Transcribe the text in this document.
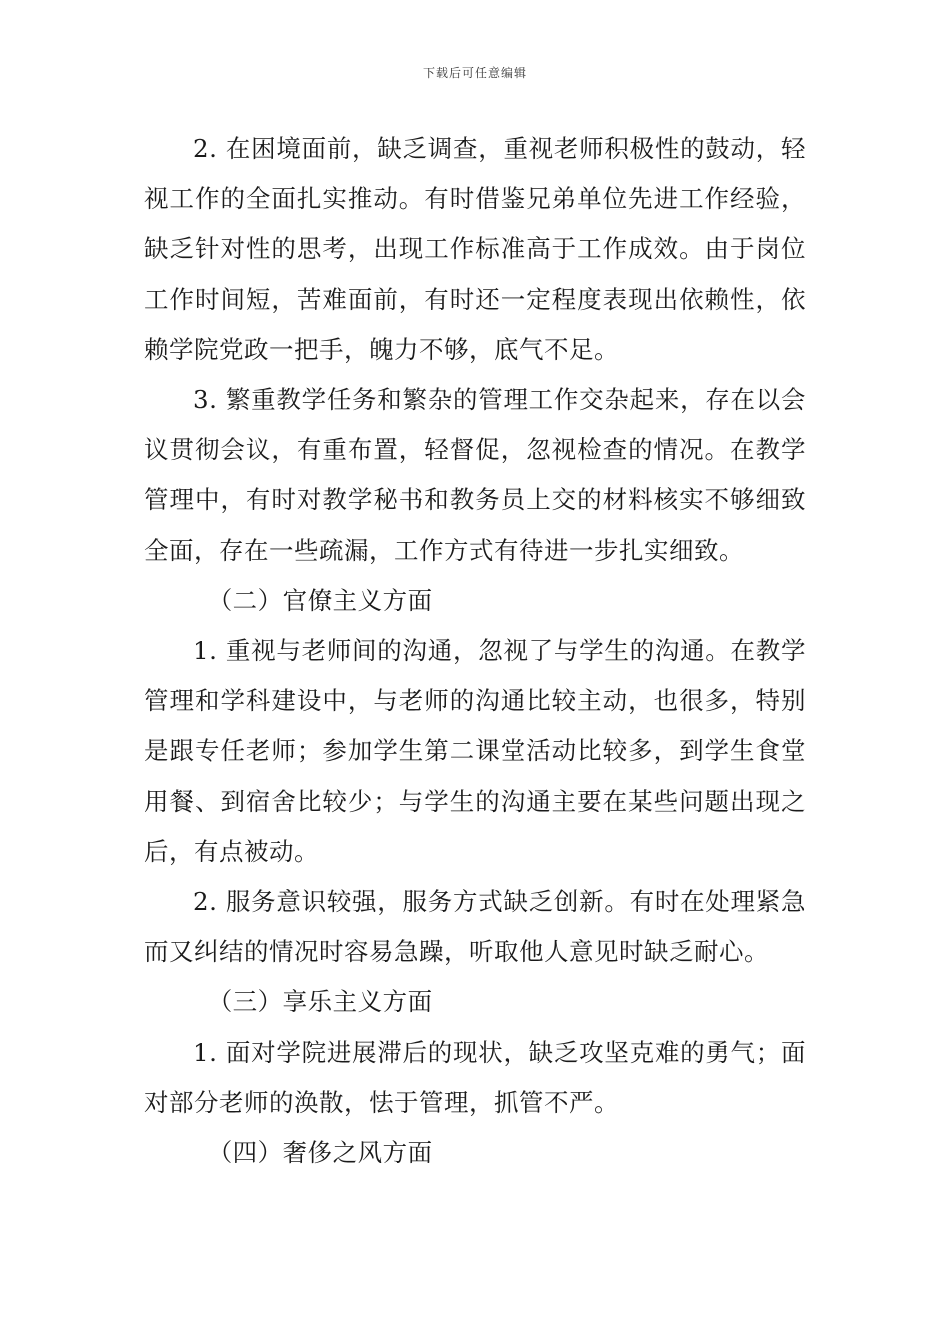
下载后可任意编辑

2. 在困境面前，缺乏调查，重视老师积极性的鼓动，轻视工作的全面扎实推动。有时借鉴兄弟单位先进工作经验，缺乏针对性的思考，出现工作标准高于工作成效。由于岗位工作时间短，苦难面前，有时还一定程度表现出依赖性，依赖学院党政一把手，魄力不够，底气不足。

3. 繁重教学任务和繁杂的管理工作交杂起来，存在以会议贯彻会议，有重布置，轻督促，忽视检查的情况。在教学管理中，有时对教学秘书和教务员上交的材料核实不够细致全面，存在一些疏漏，工作方式有待进一步扎实细致。

（二）官僚主义方面

1. 重视与老师间的沟通，忽视了与学生的沟通。在教学管理和学科建设中，与老师的沟通比较主动，也很多，特别是跟专任老师；参加学生第二课堂活动比较多，到学生食堂用餐、到宿舍比较少；与学生的沟通主要在某些问题出现之后，有点被动。

2. 服务意识较强，服务方式缺乏创新。有时在处理紧急而又纠结的情况时容易急躁，听取他人意见时缺乏耐心。

（三）享乐主义方面

1. 面对学院进展滞后的现状，缺乏攻坚克难的勇气；面对部分老师的涣散，怯于管理，抓管不严。

（四）奢侈之风方面
